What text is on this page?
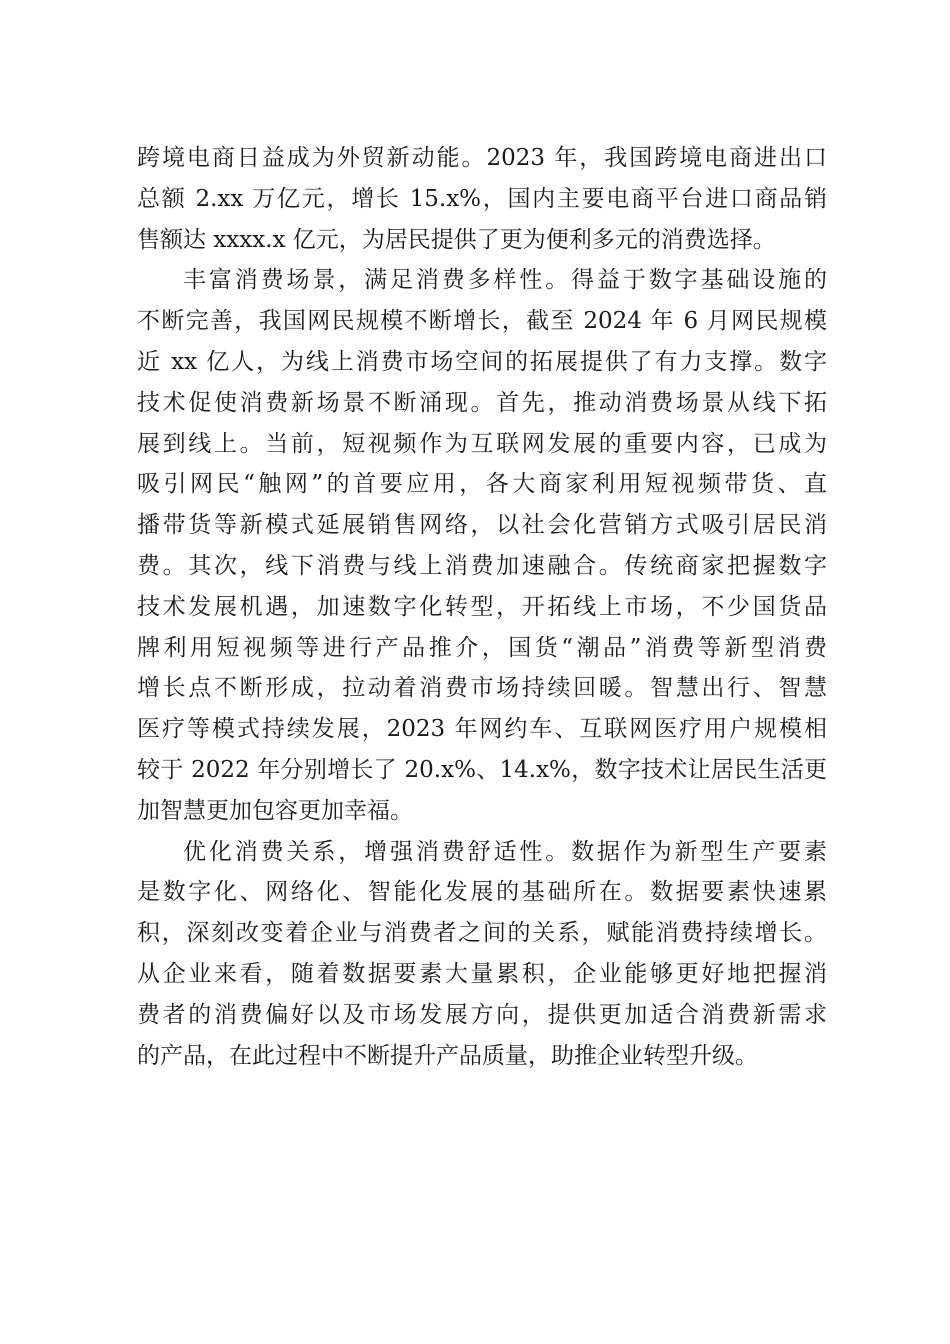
跨境电商日益成为外贸新动能。2023 年，我国跨境电商进出口
总额 2.xx 万亿元，增长 15.x%，国内主要电商平台进口商品销
售额达 xxxx.x 亿元，为居民提供了更为便利多元的消费选择。
丰富消费场景，满足消费多样性。得益于数字基础设施的
不断完善，我国网民规模不断增长，截至 2024 年 6 月网民规模
近 xx 亿人，为线上消费市场空间的拓展提供了有力支撑。数字
技术促使消费新场景不断涌现。首先，推动消费场景从线下拓
展到线上。当前，短视频作为互联网发展的重要内容，已成为
吸引网民“触网”的首要应用，各大商家利用短视频带货、直
播带货等新模式延展销售网络，以社会化营销方式吸引居民消
费。其次，线下消费与线上消费加速融合。传统商家把握数字
技术发展机遇，加速数字化转型，开拓线上市场，不少国货品
牌利用短视频等进行产品推介，国货“潮品”消费等新型消费
增长点不断形成，拉动着消费市场持续回暖。智慧出行、智慧
医疗等模式持续发展，2023 年网约车、互联网医疗用户规模相
较于 2022 年分别增长了 20.x%、14.x%，数字技术让居民生活更
加智慧更加包容更加幸福。
优化消费关系，增强消费舒适性。数据作为新型生产要素
是数字化、网络化、智能化发展的基础所在。数据要素快速累
积，深刻改变着企业与消费者之间的关系，赋能消费持续增长。
从企业来看，随着数据要素大量累积，企业能够更好地把握消
费者的消费偏好以及市场发展方向，提供更加适合消费新需求
的产品，在此过程中不断提升产品质量，助推企业转型升级。
